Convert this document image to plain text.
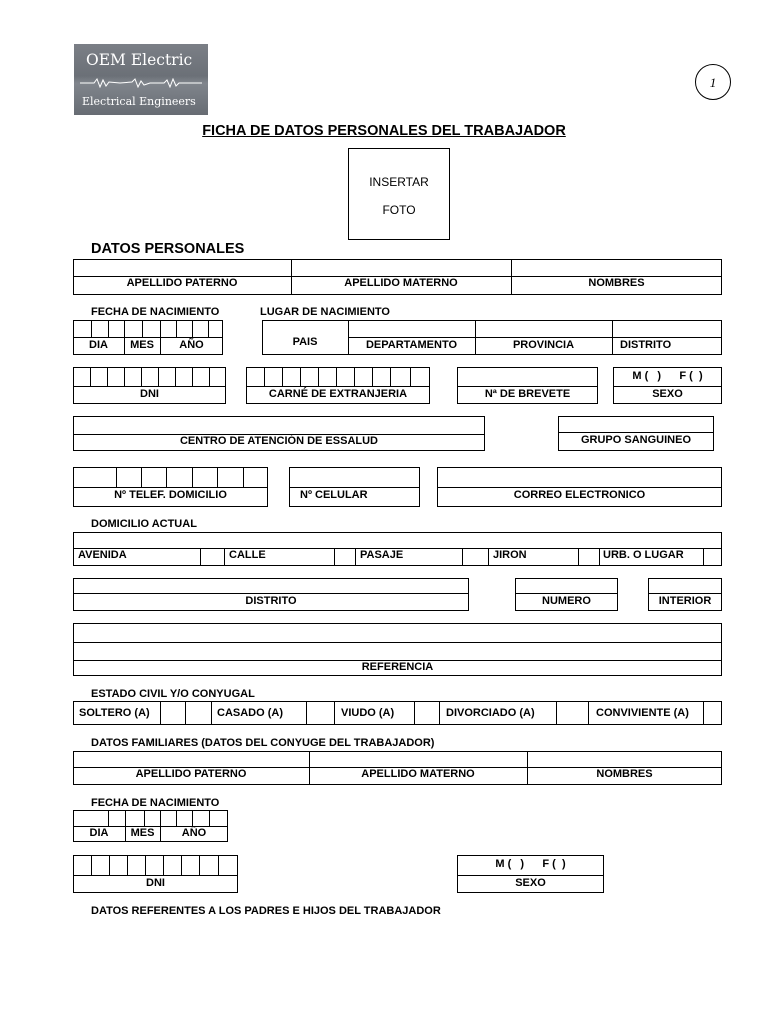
OEM Electric
Electrical Engineers
1
FICHA DE DATOS PERSONALES DEL TRABAJADOR
INSERTAR
FOTO
DATOS PERSONALES
APELLIDO PATERNO	APELLIDO MATERNO	NOMBRES
FECHA DE NACIMIENTO	LUGAR DE NACIMIENTO
DIA	MES	AÑO	PAIS	DEPARTAMENTO	PROVINCIA	DISTRITO
DNI	CARNÉ DE EXTRANJERIA	Nª DE BREVETE
M (   )      F (  )
SEXO
CENTRO DE ATENCIÓN DE ESSALUD	GRUPO SANGUINEO
Nº TELEF. DOMICILIO	Nº CELULAR	CORREO ELECTRONICO
DOMICILIO ACTUAL
AVENIDA	CALLE	PASAJE	JIRON	URB. O LUGAR
DISTRITO	NUMERO	INTERIOR
REFERENCIA
ESTADO CIVIL Y/O CONYUGAL
SOLTERO (A)	CASADO (A)	VIUDO (A)	DIVORCIADO (A)	CONVIVIENTE (A)
DATOS FAMILIARES (DATOS DEL CONYUGE DEL TRABAJADOR)
APELLIDO PATERNO	APELLIDO MATERNO	NOMBRES
FECHA DE NACIMIENTO
DIA	MES	AÑO
DNI
M (   )      F (  )
SEXO
DATOS REFERENTES A LOS PADRES E HIJOS DEL TRABAJADOR
